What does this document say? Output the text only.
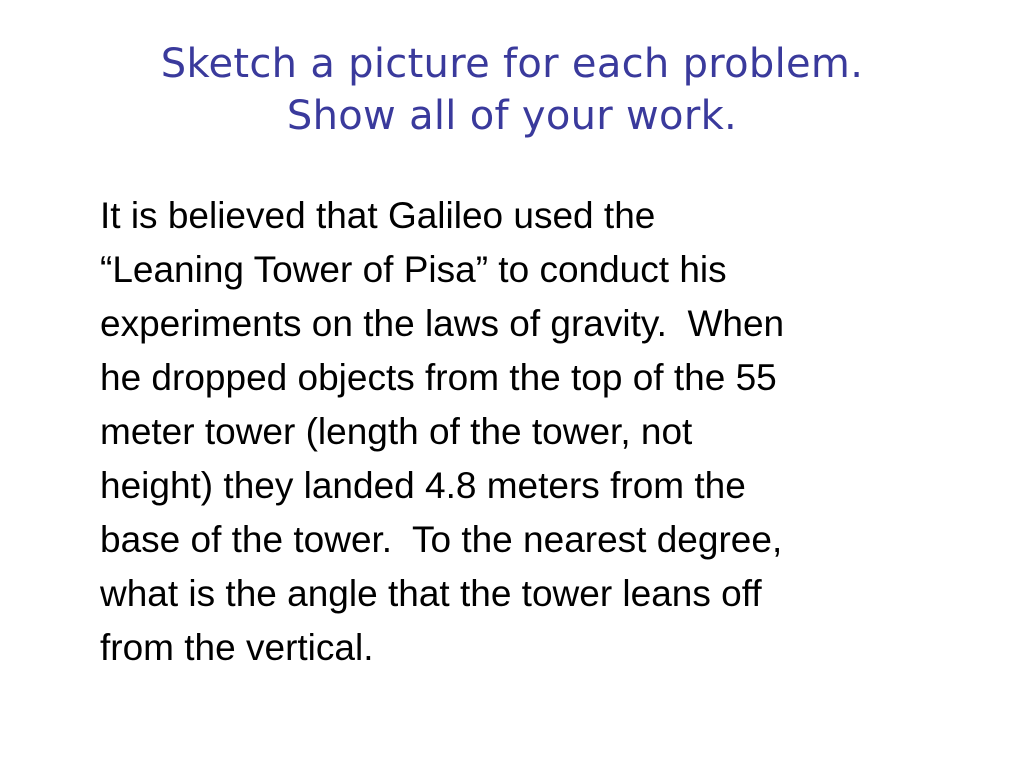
Sketch a picture for each problem.
Show all of your work.
It is believed that Galileo used the
“Leaning Tower of Pisa” to conduct his
experiments on the laws of gravity.  When
he dropped objects from the top of the 55
meter tower (length of the tower, not
height) they landed 4.8 meters from the
base of the tower.  To the nearest degree,
what is the angle that the tower leans off
from the vertical.
